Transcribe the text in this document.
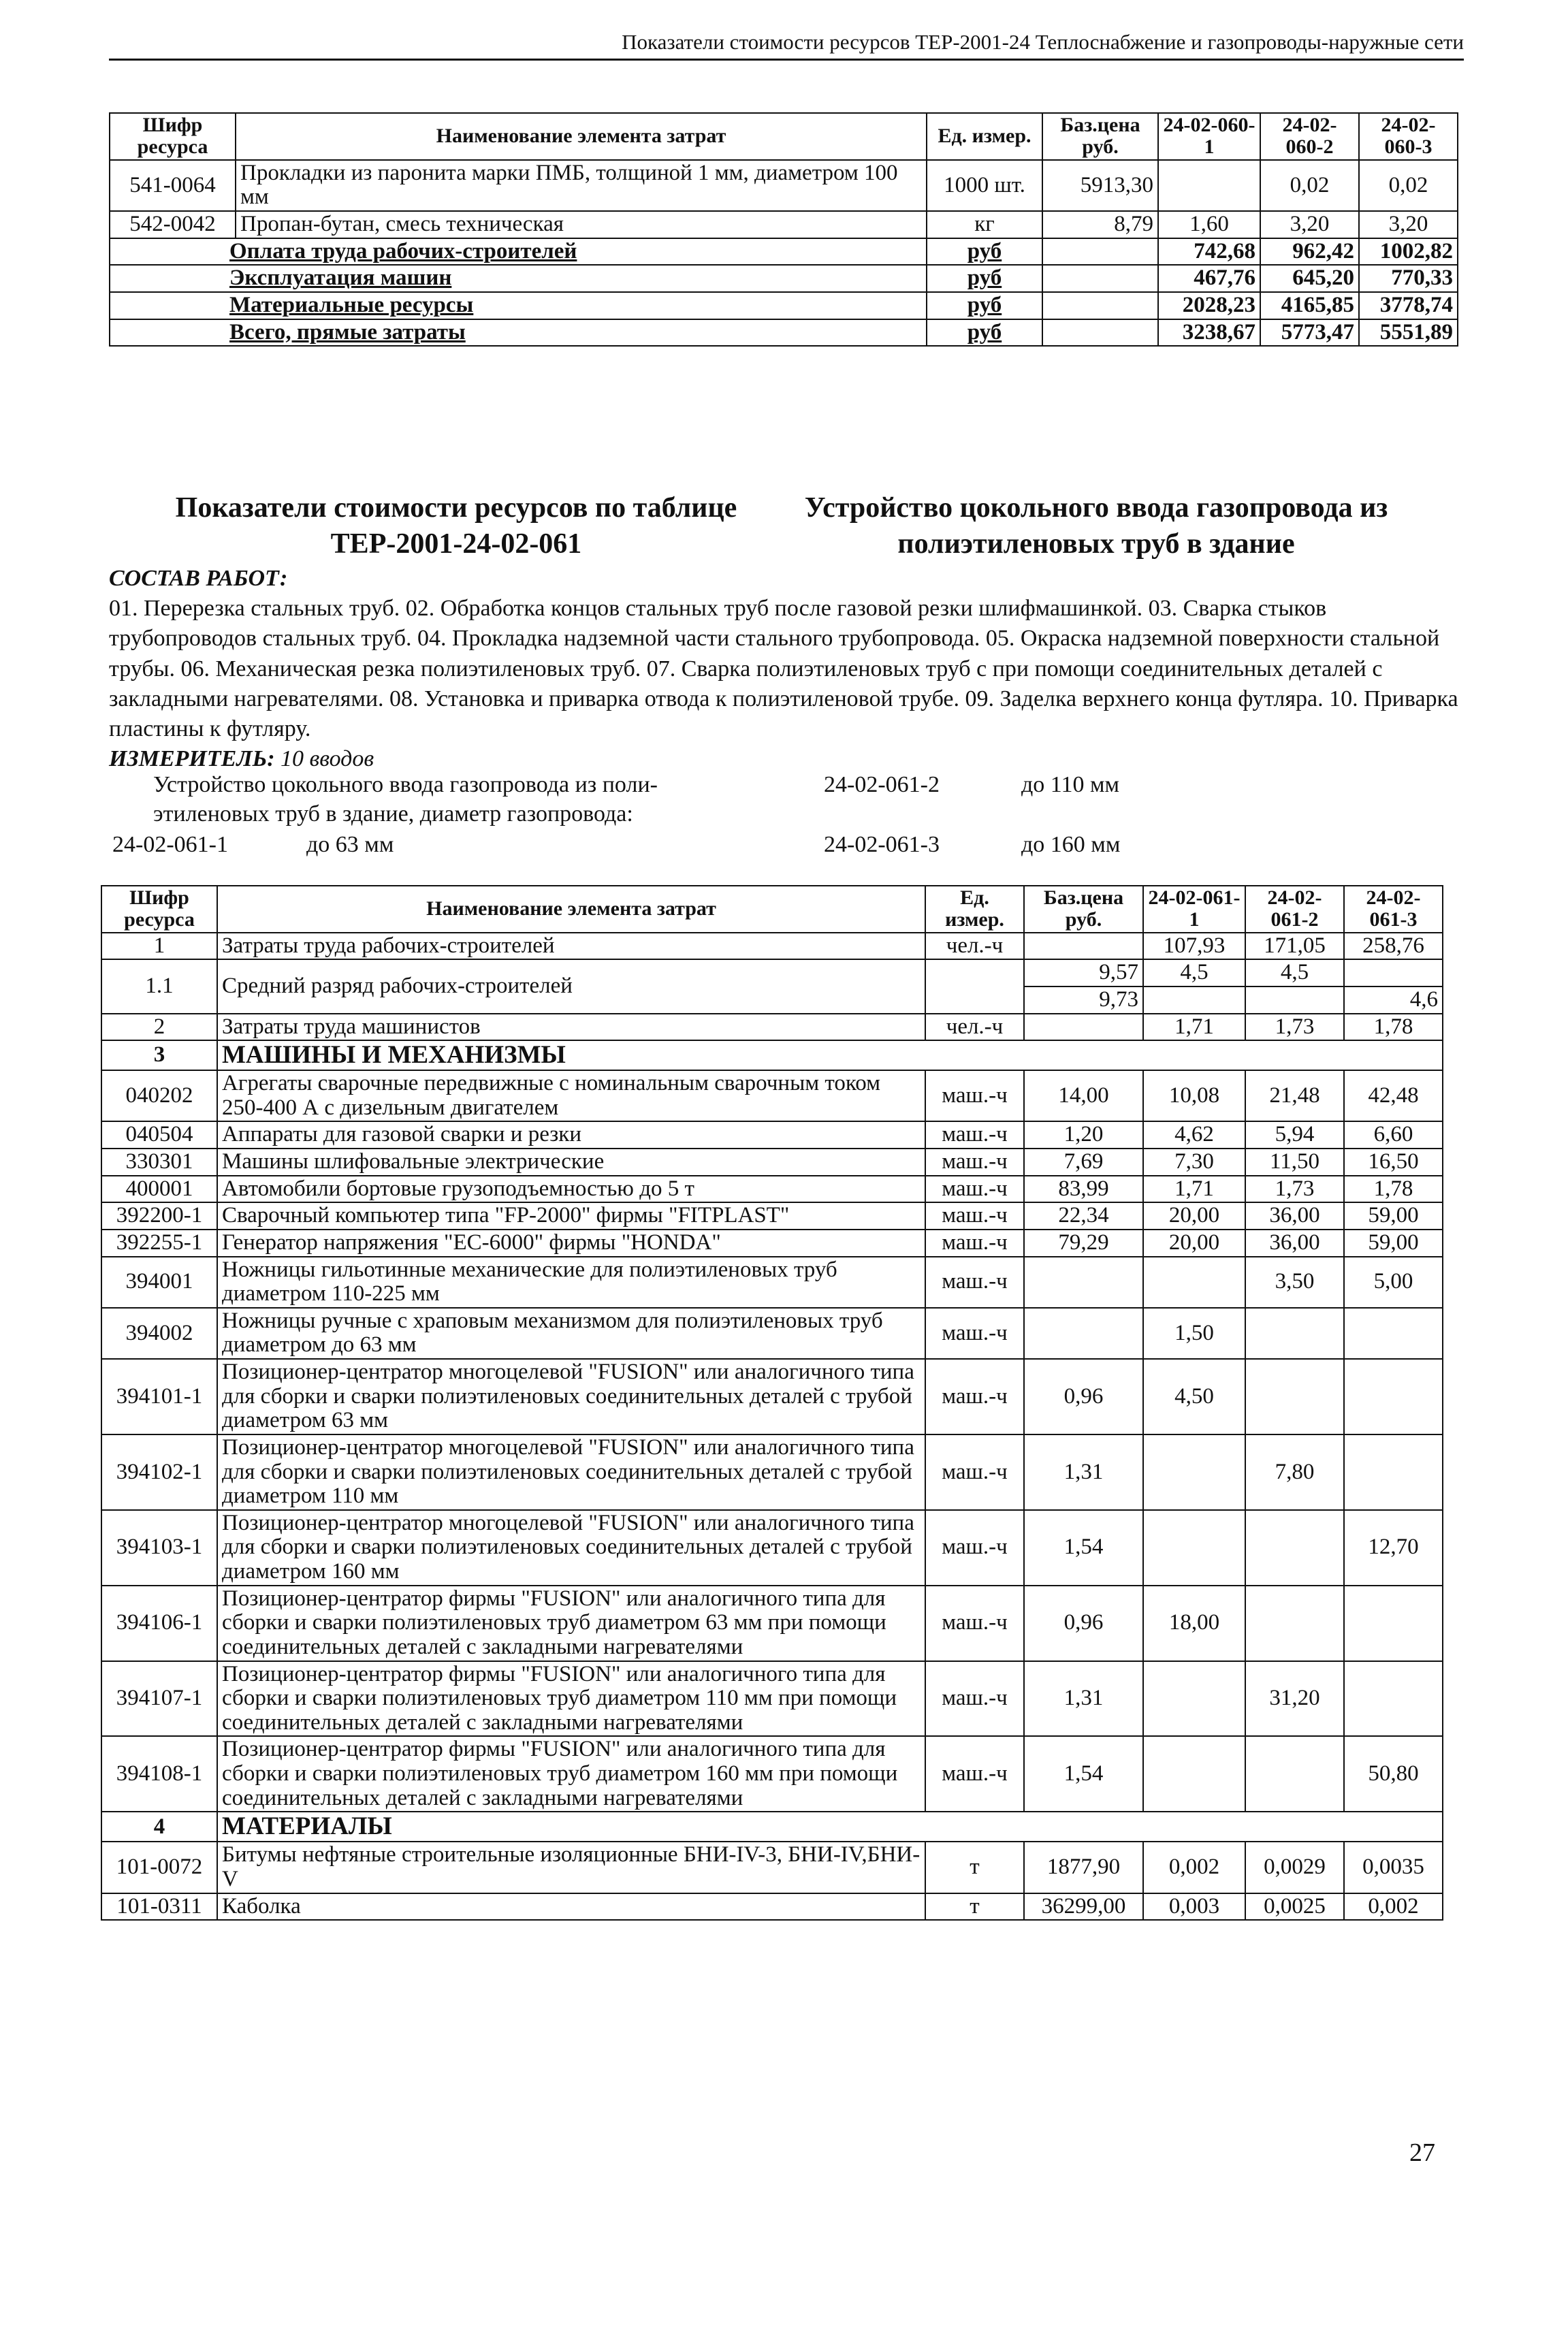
Показатели стоимости ресурсов ТЕР-2001-24 Теплоснабжение и газопроводы-наружные сети
Шифр ресурса	Наименование элемента затрат	Ед. измер.	Баз.цена руб.	24-02-060-1	24-02-060-2	24-02-060-3
541-0064	Прокладки из паронита марки ПМБ, толщиной 1 мм, диаметром 100 мм	1000 шт.	5913,30		0,02	0,02
542-0042	Пропан-бутан, смесь техническая	кг	8,79	1,60	3,20	3,20
Оплата труда рабочих-строителей		руб		742,68	962,42	1002,82
Эксплуатация машин		руб		467,76	645,20	770,33
Материальные ресурсы		руб		2028,23	4165,85	3778,74
Всего, прямые затраты		руб		3238,67	5773,47	5551,89
Показатели стоимости ресурсов по таблице ТЕР-2001-24-02-061
Устройство цокольного ввода газопровода из полиэтиленовых труб в здание
СОСТАВ РАБОТ:
01. Перерезка стальных труб. 02. Обработка концов стальных труб после газовой резки шлифмашинкой. 03. Сварка стыков трубопроводов стальных труб. 04. Прокладка надземной части стального трубопровода. 05. Окраска надземной поверхности стальной трубы. 06. Механическая резка полиэтиленовых труб. 07. Сварка полиэтиленовых труб с при помощи соединительных деталей с закладными нагревателями. 08. Установка и приварка отвода к полиэтиленовой трубе. 09. Заделка верхнего конца футляра. 10. Приварка пластины к футляру.
ИЗМЕРИТЕЛЬ: 10 вводов
Устройство цокольного ввода газопровода из поли-
этиленовых труб в здание, диаметр газопровода:
24-02-061-1	до 63 мм
24-02-061-2	до 110 мм
24-02-061-3	до 160 мм
Шифр ресурса	Наименование элемента затрат	Ед. измер.	Баз.цена руб.	24-02-061-1	24-02-061-2	24-02-061-3
1	Затраты труда рабочих-строителей	чел.-ч		107,93	171,05	258,76
1.1	Средний разряд рабочих-строителей		9,57	4,5	4,5	
			9,73			4,6
2	Затраты труда машинистов	чел.-ч		1,71	1,73	1,78
3	МАШИНЫ И МЕХАНИЗМЫ					
040202	Агрегаты сварочные передвижные с номинальным сварочным током 250-400 А с дизельным двигателем	маш.-ч	14,00	10,08	21,48	42,48
040504	Аппараты для газовой сварки и резки	маш.-ч	1,20	4,62	5,94	6,60
330301	Машины шлифовальные электрические	маш.-ч	7,69	7,30	11,50	16,50
400001	Автомобили бортовые грузоподъемностью до 5 т	маш.-ч	83,99	1,71	1,73	1,78
392200-1	Сварочный компьютер типа "FP-2000" фирмы "FITPLAST"	маш.-ч	22,34	20,00	36,00	59,00
392255-1	Генератор напряжения "ЕС-6000" фирмы "HONDA"	маш.-ч	79,29	20,00	36,00	59,00
394001	Ножницы гильотинные механические для полиэтиленовых труб диаметром 110-225 мм	маш.-ч			3,50	5,00
394002	Ножницы ручные с храповым механизмом для полиэтиленовых труб диаметром до 63 мм	маш.-ч		1,50		
394101-1	Позиционер-центратор многоцелевой "FUSION" или аналогичного типа для сборки и сварки полиэтиленовых соединительных деталей с трубой диаметром 63 мм	маш.-ч	0,96	4,50		
394102-1	Позиционер-центратор многоцелевой "FUSION" или аналогичного типа для сборки и сварки полиэтиленовых соединительных деталей с трубой диаметром 110 мм	маш.-ч	1,31		7,80	
394103-1	Позиционер-центратор многоцелевой "FUSION" или аналогичного типа для сборки и сварки полиэтиленовых соединительных деталей с трубой диаметром 160 мм	маш.-ч	1,54			12,70
394106-1	Позиционер-центратор фирмы "FUSION" или аналогичного типа для сборки и сварки полиэтиленовых труб диаметром 63 мм при помощи соединительных деталей с закладными нагревателями	маш.-ч	0,96	18,00		
394107-1	Позиционер-центратор фирмы "FUSION" или аналогичного типа для сборки и сварки полиэтиленовых труб диаметром 110 мм при помощи соединительных деталей с закладными нагревателями	маш.-ч	1,31		31,20	
394108-1	Позиционер-центратор фирмы "FUSION" или аналогичного типа для сборки и сварки полиэтиленовых труб диаметром 160 мм при помощи соединительных деталей с закладными нагревателями	маш.-ч	1,54			50,80
4	МАТЕРИАЛЫ					
101-0072	Битумы нефтяные строительные изоляционные БНИ-IV-3, БНИ-IV,БНИ-V	т	1877,90	0,002	0,0029	0,0035
101-0311	Каболка	т	36299,00	0,003	0,0025	0,002
27
